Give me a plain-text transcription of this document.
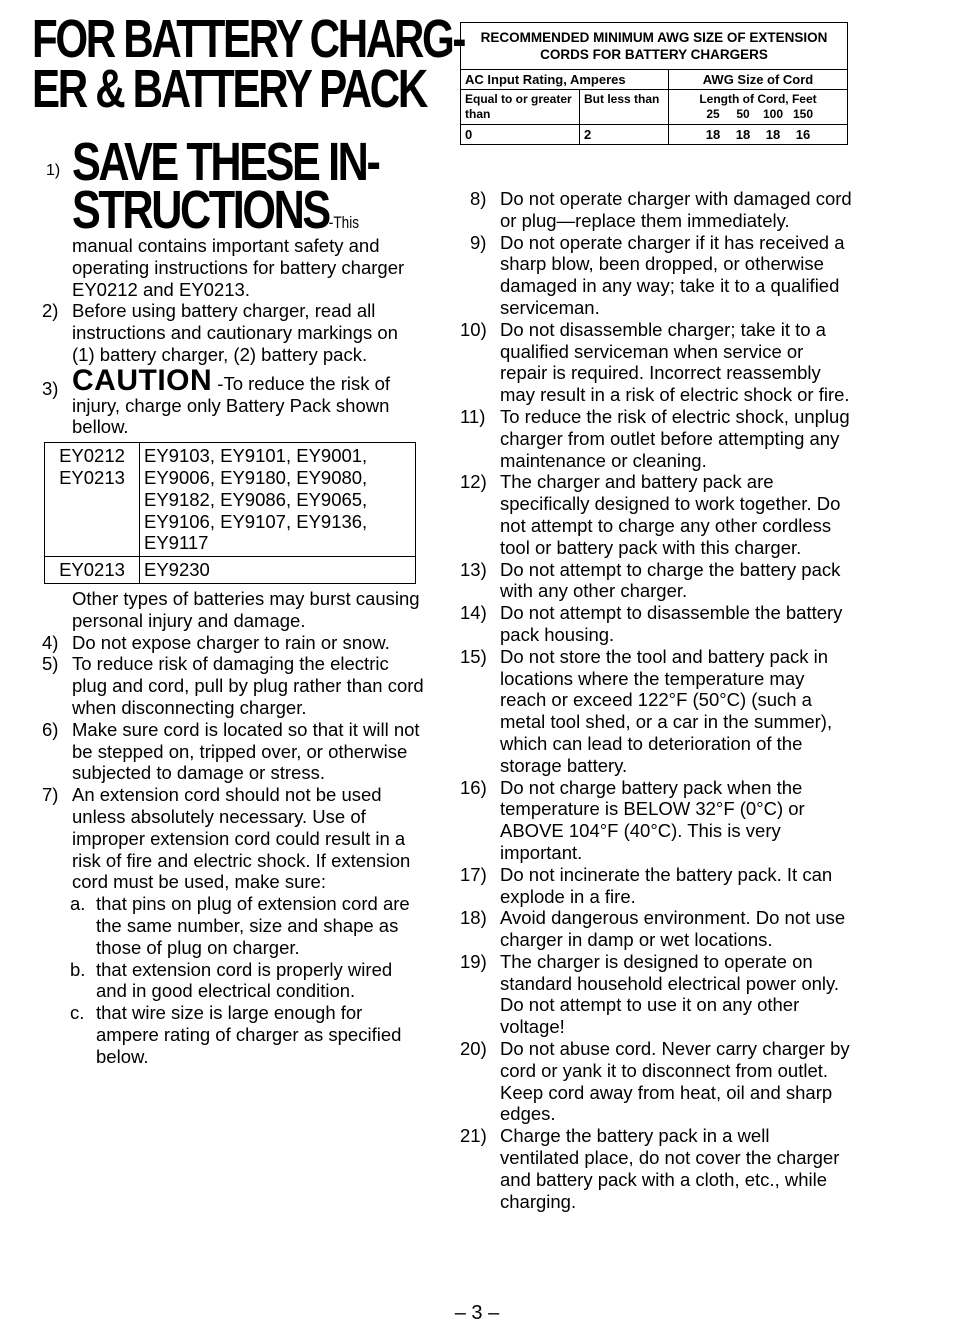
FOR BATTERY CHARG-
ER & BATTERY PACK
1) SAVE THESE IN-
STRUCTIONS-This
manual contains important safety and operating instructions for battery charger EY0212 and EY0213.
2) Before using battery charger, read all instructions and cautionary markings on (1) battery charger, (2) battery pack.
3) CAUTION -To reduce the risk of injury, charge only Battery Pack shown bellow.
EY0212
EY0213	EY9103, EY9101, EY9001, EY9006, EY9180, EY9080, EY9182, EY9086, EY9065, EY9106, EY9107, EY9136, EY9117
EY0213	EY9230
Other types of batteries may burst causing personal injury and damage.
4) Do not expose charger to rain or snow.
5) To reduce risk of damaging the electric plug and cord, pull by plug rather than cord when disconnecting charger.
6) Make sure cord is located so that it will not be stepped on, tripped over, or otherwise subjected to damage or stress.
7) An extension cord should not be used unless absolutely necessary. Use of improper extension cord could result in a risk of fire and electric shock. If extension cord must be used, make sure:
a. that pins on plug of extension cord are the same number, size and shape as those of plug on charger.
b. that extension cord is properly wired and in good electrical condition.
c. that wire size is large enough for ampere rating of charger as specified below.
RECOMMENDED MINIMUM AWG SIZE OF EXTENSION CORDS FOR BATTERY CHARGERS		
AC Input Rating, Amperes		AWG Size of Cord
Equal to or greater than	But less than	Length of Cord, Feet
25 50 100 150

0	2	18 18 18 16
8) Do not operate charger with damaged cord or plug—replace them immediately.
9) Do not operate charger if it has received a sharp blow, been dropped, or otherwise damaged in any way; take it to a qualified serviceman.
10) Do not disassemble charger; take it to a qualified serviceman when service or repair is required. Incorrect reassembly may result in a risk of electric shock or fire.
11) To reduce the risk of electric shock, unplug charger from outlet before attempting any maintenance or cleaning.
12) The charger and battery pack are specifically designed to work together. Do not attempt to charge any other cordless tool or battery pack with this charger.
13) Do not attempt to charge the battery pack with any other charger.
14) Do not attempt to disassemble the battery pack housing.
15) Do not store the tool and battery pack in locations where the temperature may reach or exceed 122°F (50°C) (such a metal tool shed, or a car in the summer), which can lead to deterioration of the storage battery.
16) Do not charge battery pack when the temperature is BELOW 32°F (0°C) or ABOVE 104°F (40°C). This is very important.
17) Do not incinerate the battery pack. It can explode in a fire.
18) Avoid dangerous environment. Do not use charger in damp or wet locations.
19) The charger is designed to operate on standard household electrical power only. Do not attempt to use it on any other voltage!
20) Do not abuse cord. Never carry charger by cord or yank it to disconnect from outlet. Keep cord away from heat, oil and sharp edges.
21) Charge the battery pack in a well ventilated place, do not cover the charger and battery pack with a cloth, etc., while charging.
– 3 –
